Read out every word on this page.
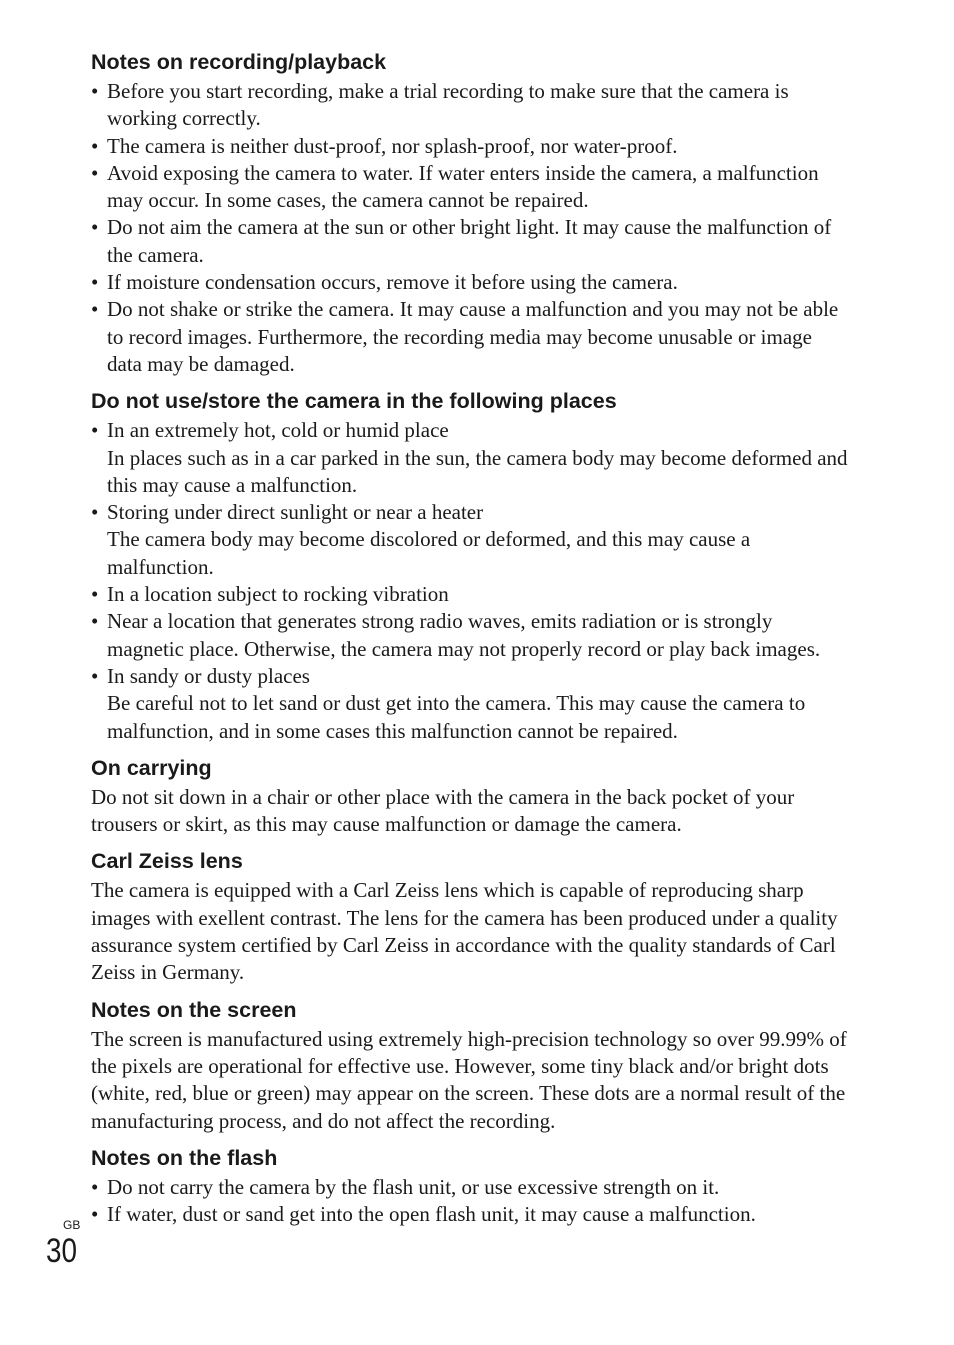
Notes on recording/playback
• Before you start recording, make a trial recording to make sure that the camera is working correctly.
• The camera is neither dust-proof, nor splash-proof, nor water-proof.
• Avoid exposing the camera to water. If water enters inside the camera, a malfunction may occur. In some cases, the camera cannot be repaired.
• Do not aim the camera at the sun or other bright light. It may cause the malfunction of the camera.
• If moisture condensation occurs, remove it before using the camera.
• Do not shake or strike the camera. It may cause a malfunction and you may not be able to record images. Furthermore, the recording media may become unusable or image data may be damaged.
Do not use/store the camera in the following places
• In an extremely hot, cold or humid place
In places such as in a car parked in the sun, the camera body may become deformed and this may cause a malfunction.
• Storing under direct sunlight or near a heater
The camera body may become discolored or deformed, and this may cause a malfunction.
• In a location subject to rocking vibration
• Near a location that generates strong radio waves, emits radiation or is strongly magnetic place. Otherwise, the camera may not properly record or play back images.
• In sandy or dusty places
Be careful not to let sand or dust get into the camera. This may cause the camera to malfunction, and in some cases this malfunction cannot be repaired.
On carrying

Do not sit down in a chair or other place with the camera in the back pocket of your trousers or skirt, as this may cause malfunction or damage the camera.

Carl Zeiss lens

The camera is equipped with a Carl Zeiss lens which is capable of reproducing sharp images with exellent contrast. The lens for the camera has been produced under a quality assurance system certified by Carl Zeiss in accordance with the quality standards of Carl Zeiss in Germany.

Notes on the screen

The screen is manufactured using extremely high-precision technology so over 99.99% of the pixels are operational for effective use. However, some tiny black and/or bright dots (white, red, blue or green) may appear on the screen. These dots are a normal result of the manufacturing process, and do not affect the recording.

Notes on the flash
• Do not carry the camera by the flash unit, or use excessive strength on it.
• If water, dust or sand get into the open flash unit, it may cause a malfunction.
GB
30
